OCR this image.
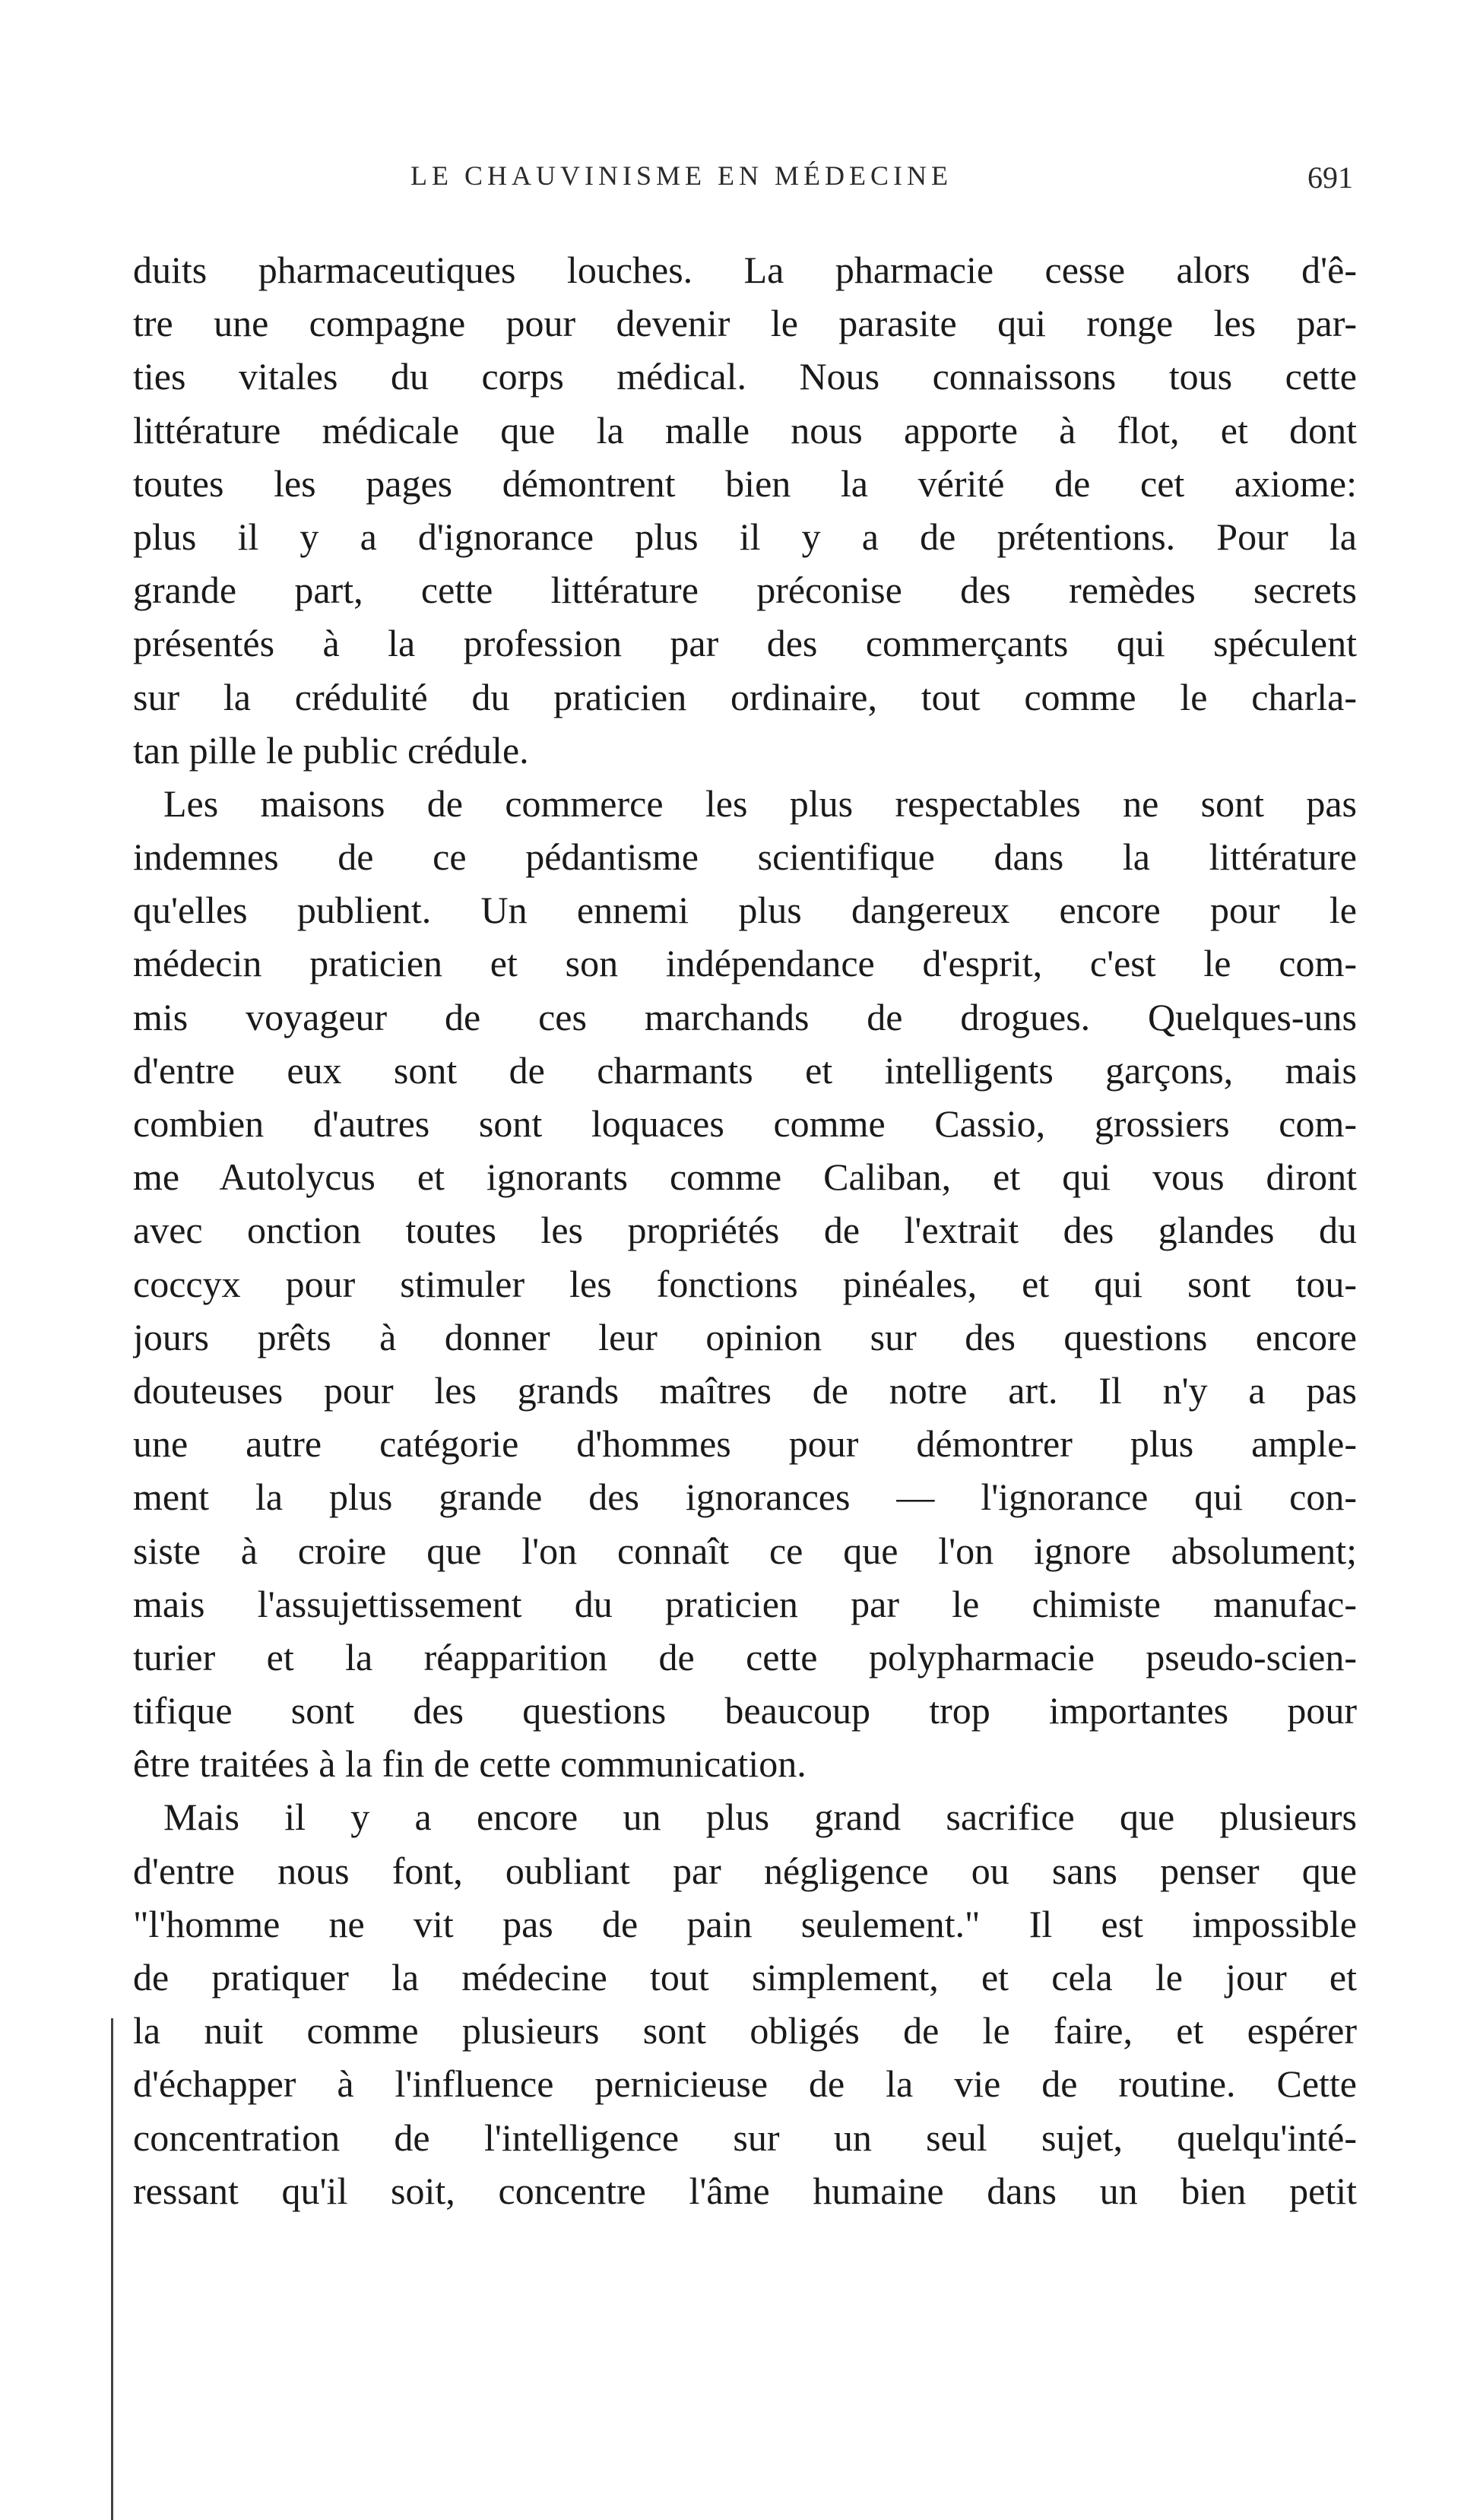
LE CHAUVINISME EN MÉDECINE	691
duits pharmaceutiques louches. La pharmacie cesse alors d'ê-
tre une compagne pour devenir le parasite qui ronge les par-
ties vitales du corps médical. Nous connaissons tous cette
littérature médicale que la malle nous apporte à flot, et dont
toutes les pages démontrent bien la vérité de cet axiome:
plus il y a d'ignorance plus il y a de prétentions. Pour la
grande part, cette littérature préconise des remèdes secrets
présentés à la profession par des commerçants qui spéculent
sur la crédulité du praticien ordinaire, tout comme le charla-
tan pille le public crédule.
Les maisons de commerce les plus respectables ne sont pas
indemnes de ce pédantisme scientifique dans la littérature
qu'elles publient. Un ennemi plus dangereux encore pour le
médecin praticien et son indépendance d'esprit, c'est le com-
mis voyageur de ces marchands de drogues. Quelques-uns
d'entre eux sont de charmants et intelligents garçons, mais
combien d'autres sont loquaces comme Cassio, grossiers com-
me Autolycus et ignorants comme Caliban, et qui vous diront
avec onction toutes les propriétés de l'extrait des glandes du
coccyx pour stimuler les fonctions pinéales, et qui sont tou-
jours prêts à donner leur opinion sur des questions encore
douteuses pour les grands maîtres de notre art. Il n'y a pas
une autre catégorie d'hommes pour démontrer plus ample-
ment la plus grande des ignorances — l'ignorance qui con-
siste à croire que l'on connaît ce que l'on ignore absolument;
mais l'assujettissement du praticien par le chimiste manufac-
turier et la réapparition de cette polypharmacie pseudo-scien-
tifique sont des questions beaucoup trop importantes pour
être traitées à la fin de cette communication.
Mais il y a encore un plus grand sacrifice que plusieurs
d'entre nous font, oubliant par négligence ou sans penser que
"l'homme ne vit pas de pain seulement." Il est impossible
de pratiquer la médecine tout simplement, et cela le jour et
la nuit comme plusieurs sont obligés de le faire, et espérer
d'échapper à l'influence pernicieuse de la vie de routine. Cette
concentration de l'intelligence sur un seul sujet, quelqu'inté-
ressant qu'il soit, concentre l'âme humaine dans un bien petit
